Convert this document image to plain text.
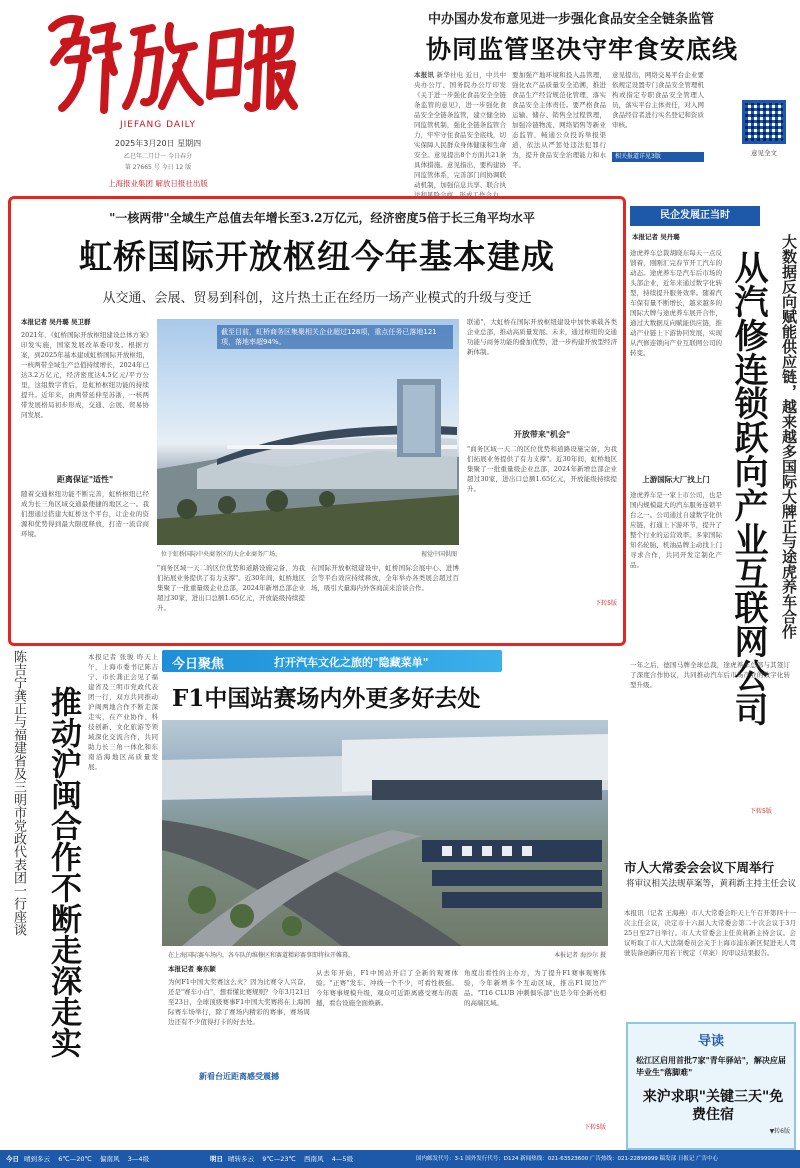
JIEFANG DAILY
2025年3月20日 星期四
乙巳年二月廿一 今日春分
第 27665 号 今日 12 版
上海报业集团 解放日报社出版
中办国办发布意见进一步强化食品安全全链条监管
协同监管坚决守牢食安底线
本报讯 新华社电 近日，中共中央办公厅、国务院办公厅印发《关于进一步强化食品安全全链条监管的意见》，进一步强化食品安全全链条监管，建立健全协同监管机制，强化全链条监管合力，牢牢守住食品安全底线，切实保障人民群众身体健康和生命安全。意见提出8个方面共21条具体措施。意见指出，要构建协同监管体系，完善部门间协调联动机制，加强信息共享、联合执法和风险会商，形成工作合力。
要加强产地环境和投入品管理，强化农产品质量安全追溯，推进食品生产经营规范化管理，落实食品安全主体责任。要严格食品运输、储存、销售全过程管理，加强冷链物流、网络销售等新业态监管，畅通公众投诉举报渠道，依法从严惩处违法犯罪行为，提升食品安全治理能力和水平。
意见提出，网络交易平台企业要依规定设置专门食品安全管理机构或指定专职食品安全管理人员，落实平台主体责任，对入网食品经营者进行实名登记和资质审核。
相关报道详见3版	意见全文
"一核两带"全域生产总值去年增长至3.2万亿元，经济密度5倍于长三角平均水平
虹桥国际开放枢纽今年基本建成
从交通、会展、贸易到科创，这片热土正在经历一场产业模式的升级与变迁
本报记者 吴丹璐 吴卫群
2021年，《虹桥国际开放枢纽建设总体方案》印发实施，国家发展改革委印发。根据方案，到2025年基本建成虹桥国际开放枢纽，一核两带全域生产总值持续增长，2024年已达3.2万亿元，经济密度达4.5亿元/平方公里，这组数字背后，是虹桥枢纽功能的持续提升。近年来，由两带延伸至苏浙，一核两带发展格局初步形成，交通、会展、贸易协同发展。
距离保证"适性"
随着交通枢纽功能不断完善，虹桥枢纽已经成为长三角区域交通最便捷的地区之一。我们想通过搭建大虹桥这个平台，让企业的资源和优势得到最大限度释放，打造一流营商环境。
截至目前，虹桥商务区集聚相关企业超过128项，重点任务已落地121项，落地率超94%。
位于虹桥国际中央商务区的大企业商务广场。	视觉中国供图
"商务区域一天二的区位优势和道路设施完备，为我们拓展业务提供了有力支撑"。近30年间，虹桥地区集聚了一批重量级企业总部，2024年新增总部企业超过30家，进出口总额1.65亿元，开放能级持续提升。
在国际开放枢纽建设中，虹桥国际会展中心、进博会等平台效应持续释放，全年举办各类展会超过百场，吸引大量海内外客商前来洽谈合作。
联通"，大虹桥在国际开放枢纽建设中加快承载各类企业总部，推动高质量发展。未来，通过枢纽的交通功能与商务功能的叠加优势，进一步构建开放型经济新体制。
开放带来"机会"
"商务区域一天二的区位优势和道路设施完备，为我们拓展业务提供了有力支撑"。近30年间，虹桥地区集聚了一批重量级企业总部，2024年新增总部企业超过30家，进出口总额1.65亿元，开放能级持续提升。
下转5版
民企发展正当时
本报记者 吴丹璐
从汽修连锁跃向产业互联网公司 大数据反向赋能供应链，越来越多国际大牌正与途虎养车合作
途虎养车总裁胡晓东每天一点反馈着，刚刚汇完春节开工汽车的动态。途虎养车是汽车后市场的头部企业，近年来通过数字化转型，持续提升服务效率。随着汽车保有量不断增长，越来越多的国际大牌与途虎养车展开合作，通过大数据反向赋能供应链，推动产业链上下游协同发展，实现从汽修连锁向产业互联网公司的转变。
上游国际大厂找上门
途虎养车是一家上市公司，也是国内规模最大的汽车服务连锁平台之一。公司通过自建数字化供应链，打通上下游环节，提升了整个行业的运营效率。多家国际知名轮胎、机油品牌主动找上门寻求合作，共同开发定制化产品。
一年之后，德国马牌全球总裁，途虎养车总部与其签订了深度合作协议，共同推动汽车后市场产业的数字化转型升级。
下转5版
陈吉宁龚正与福建省及三明市党政代表团一行座谈 推动沪闽合作不断走深走实
本报记者 张骏 昨天上午，上海市委书记陈吉宁、市长龚正会见了福建省及三明市党政代表团一行，双方共同推动沪闽两地合作不断走深走实，在产业协作、科技创新、文化旅游等领域深化交流合作，共同助力长三角一体化和东南沿海地区高质量发展。
今日聚焦	打开汽车文化之旅的"隐藏菜单"
F1中国站赛场内外更多好去处
在上海国际赛车场内，各车队的维修区和赛道精彩赛事即将拉开帷幕。	本报记者 海沙尔 摄
本报记者 秦东颖
为何F1中国大奖赛这么火？因为比赛令人兴奋，还是"赛车小白"，想看懂比赛规则？今年3月21日至23日，全球顶级赛事F1中国大奖赛将在上海国际赛车场举行，除了赛场内精彩的赛事，赛场周边还有不少值得打卡的好去处。
新看台近距离感受震撼
从去年开始，F1中国站开启了全新的观赛体验。"正赛"发车、冲线一个不少，可看性极强。今年赛事规模升级，观众可近距离感受赛车的震撼，看台设施全面焕新。
角度出看性的主办方，为了提升F1赛事观赛体验，今年新增多个互动区域，推出F1周边产品。"T16 CLUB 冲刺俱乐部"也是今年全新亮相的高端区域。
下转5版
市人大常委会会议下周举行
将审议相关法规草案等，黄莉新主持主任会议
本报讯（记者 王海燕）市人大常委会昨天上午召开第四十一次主任会议，决定市十六届人大常委会第二十次会议于3月25日至27日举行。市人大常委会主任黄莉新主持会议。会议听取了市人大法制委员会关于上海市浦东新区促进无人驾驶装备创新应用若干规定（草案）的审议结果报告。
导读
松江区启用首批7家"青年驿站"，解决应届毕业生"落脚难"
来沪求职"关键三天"免费住宿
▼转6版
今日 晴到多云    6℃—20℃    偏南风    3—4级	明日 晴转多云    9℃—23℃    西南风    4—5级	国内邮发代号：3-1 国外发行代号：D124 新闻热线：021-63523600 广告热线：021-22899999 稿发部 日报记 广告中心
